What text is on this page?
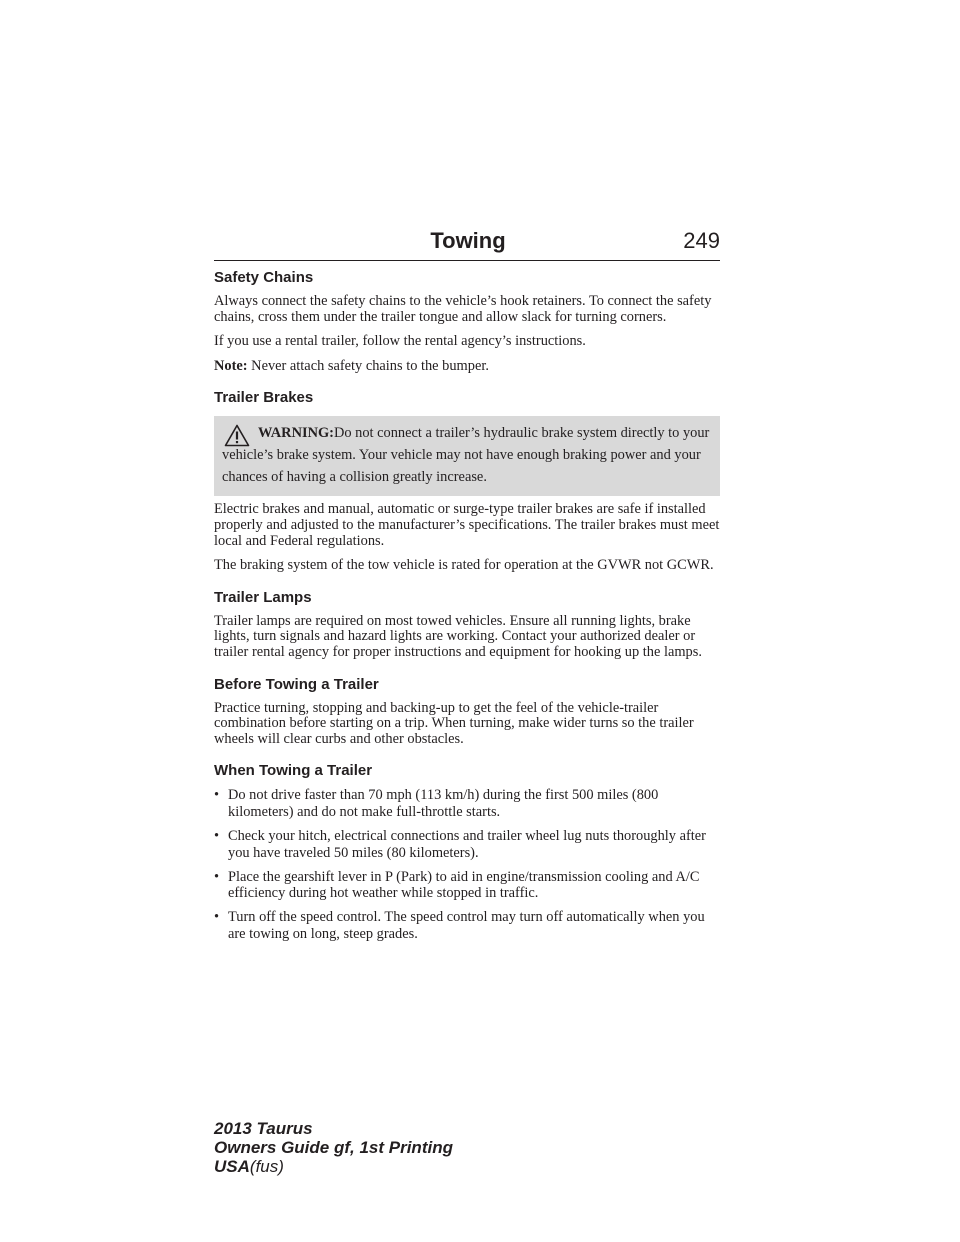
Towing	249
Safety Chains

Always connect the safety chains to the vehicle’s hook retainers. To connect the safety chains, cross them under the trailer tongue and allow slack for turning corners.

If you use a rental trailer, follow the rental agency’s instructions.

Note: Never attach safety chains to the bumper.

Trailer Brakes
WARNING:Do not connect a trailer’s hydraulic brake system directly to your vehicle’s brake system. Your vehicle may not have enough braking power and your chances of having a collision greatly increase.

Electric brakes and manual, automatic or surge-type trailer brakes are safe if installed properly and adjusted to the manufacturer’s specifications. The trailer brakes must meet local and Federal regulations.

The braking system of the tow vehicle is rated for operation at the GVWR not GCWR.

Trailer Lamps

Trailer lamps are required on most towed vehicles. Ensure all running lights, brake lights, turn signals and hazard lights are working. Contact your authorized dealer or trailer rental agency for proper instructions and equipment for hooking up the lamps.

Before Towing a Trailer

Practice turning, stopping and backing-up to get the feel of the vehicle-trailer combination before starting on a trip. When turning, make wider turns so the trailer wheels will clear curbs and other obstacles.

When Towing a Trailer
• Do not drive faster than 70 mph (113 km/h) during the first 500 miles (800 kilometers) and do not make full-throttle starts.
• Check your hitch, electrical connections and trailer wheel lug nuts thoroughly after you have traveled 50 miles (80 kilometers).
• Place the gearshift lever in P (Park) to aid in engine/transmission cooling and A/C efficiency during hot weather while stopped in traffic.
• Turn off the speed control. The speed control may turn off automatically when you are towing on long, steep grades.
2013 Taurus
Owners Guide gf, 1st Printing
USA(fus)
